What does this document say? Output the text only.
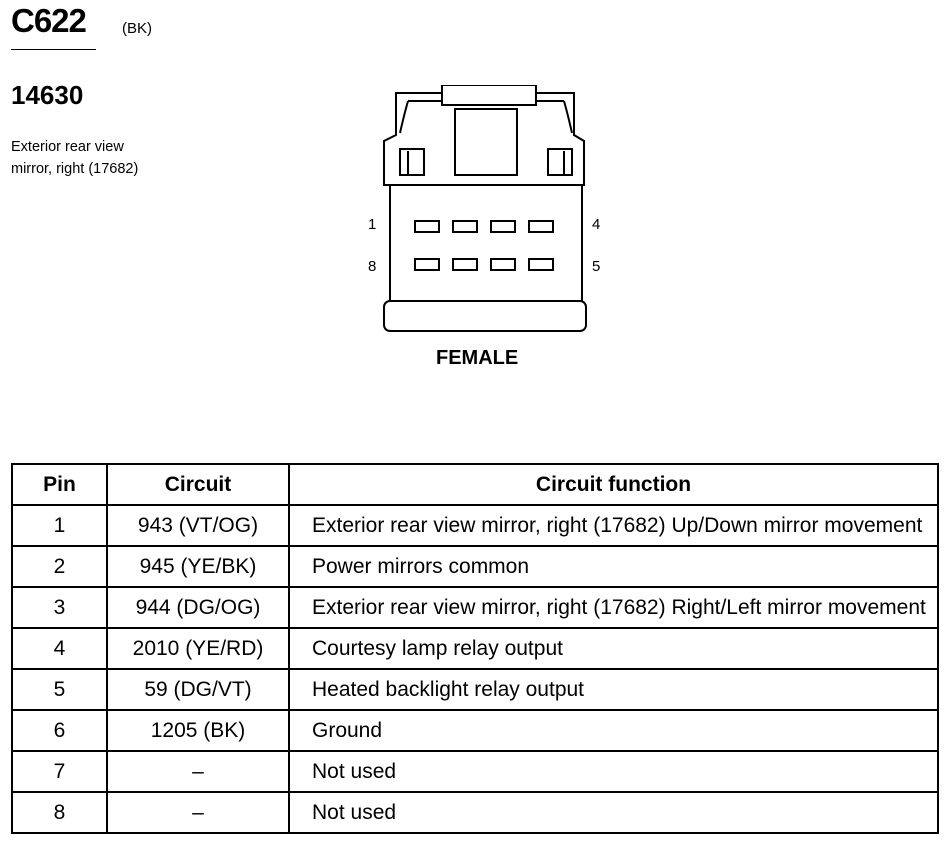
C622 (BK)
14630
Exterior rear view
mirror, right (17682)
1	4
8	5
FEMALE
Pin	Circuit	Circuit function
1	943 (VT/OG)	Exterior rear view mirror, right (17682) Up/Down mirror movement
2	945 (YE/BK)	Power mirrors common
3	944 (DG/OG)	Exterior rear view mirror, right (17682) Right/Left mirror movement
4	2010 (YE/RD)	Courtesy lamp relay output
5	59 (DG/VT)	Heated backlight relay output
6	1205 (BK)	Ground
7	–	Not used
8	–	Not used
